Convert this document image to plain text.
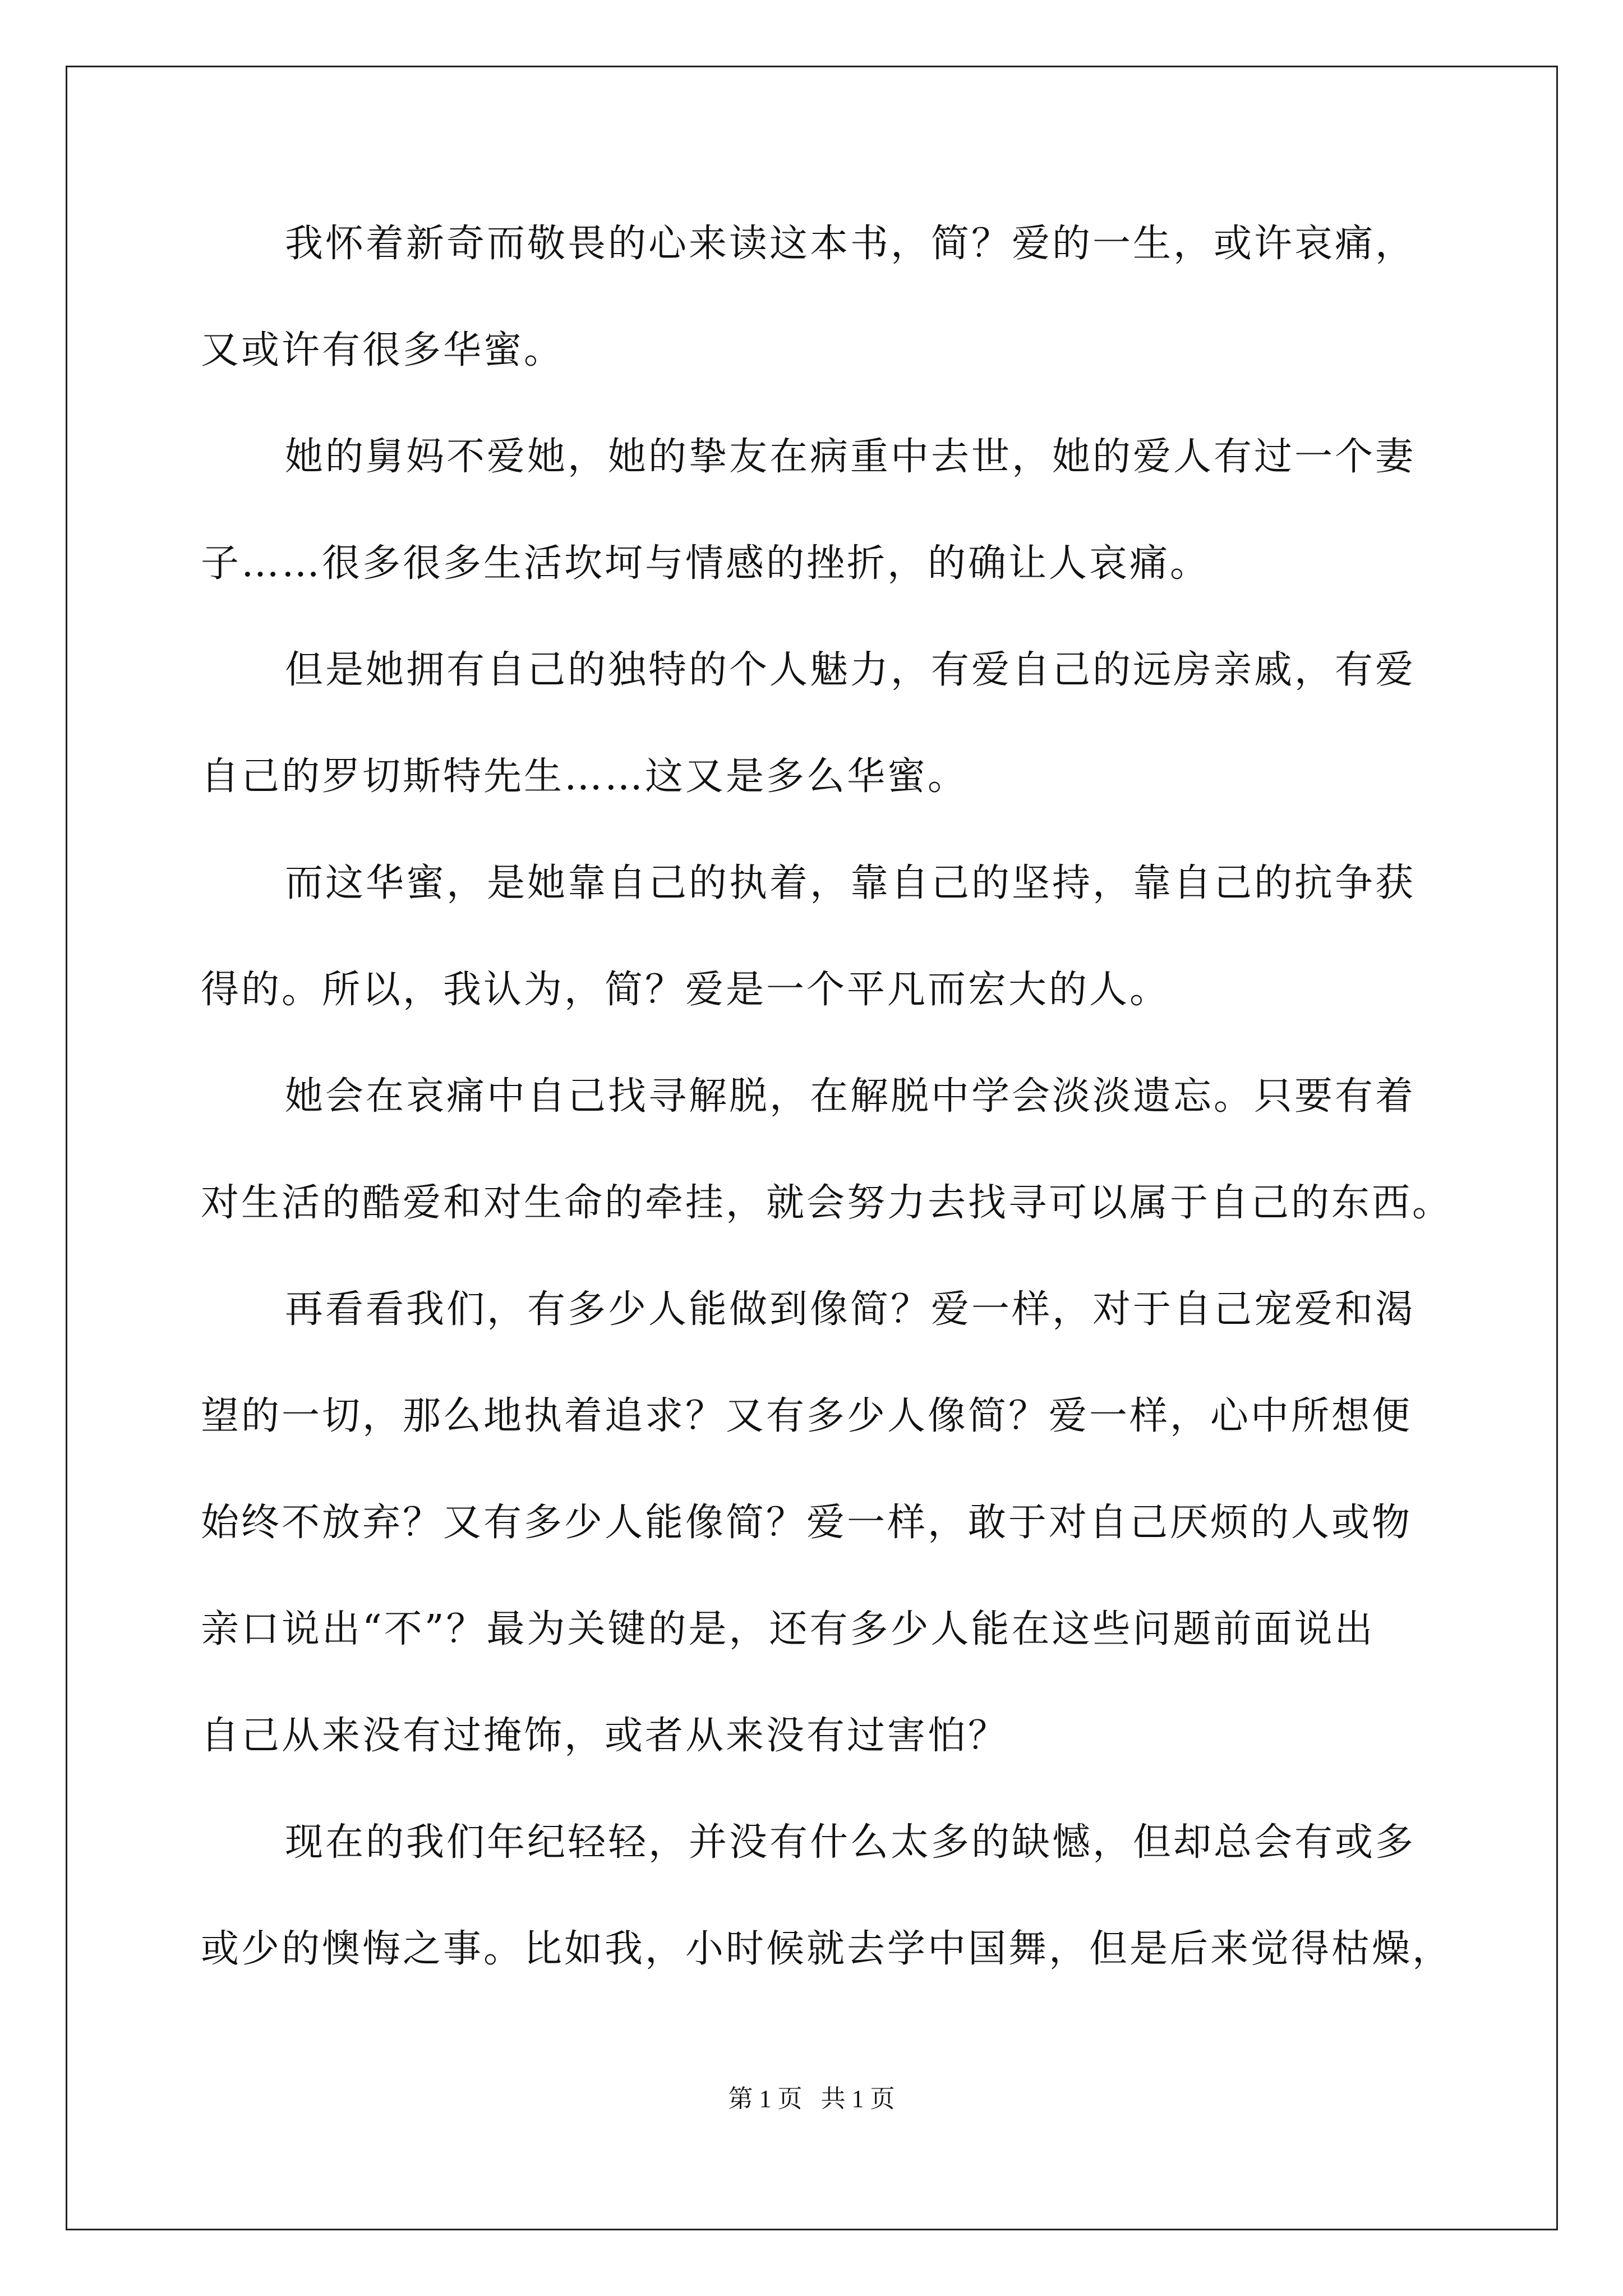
我怀着新奇而敬畏的心来读这本书，简？爱的一生，或许哀痛，
又或许有很多华蜜。
她的舅妈不爱她，她的挚友在病重中去世，她的爱人有过一个妻
子……很多很多生活坎坷与情感的挫折，的确让人哀痛。
但是她拥有自己的独特的个人魅力，有爱自己的远房亲戚，有爱
自己的罗切斯特先生……这又是多么华蜜。
而这华蜜，是她靠自己的执着，靠自己的坚持，靠自己的抗争获
得的。所以，我认为，简？爱是一个平凡而宏大的人。
她会在哀痛中自己找寻解脱，在解脱中学会淡淡遗忘。只要有着
对生活的酷爱和对生命的牵挂，就会努力去找寻可以属于自己的东西。
再看看我们，有多少人能做到像简？爱一样，对于自己宠爱和渴
望的一切，那么地执着追求？又有多少人像简？爱一样，心中所想便
始终不放弃？又有多少人能像简？爱一样，敢于对自己厌烦的人或物
亲口说出“不”？最为关键的是，还有多少人能在这些问题前面说出
自己从来没有过掩饰，或者从来没有过害怕？
现在的我们年纪轻轻，并没有什么太多的缺憾，但却总会有或多
或少的懊悔之事。比如我，小时候就去学中国舞，但是后来觉得枯燥，
第 1 页   共 1 页
